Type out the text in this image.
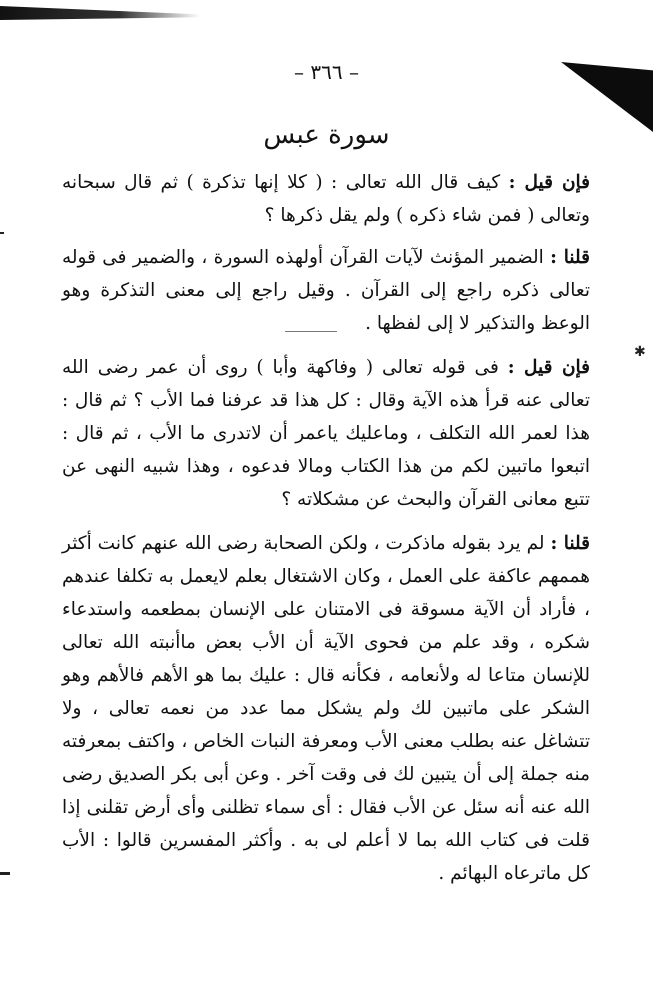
– ٣٦٦ –
سورة عبس

فإن قيل : كيف قال الله تعالى : ( كلا إنها تذكرة ) ثم قال سبحانه وتعالى ( فمن شاء ذكره ) ولم يقل ذكرها ؟

قلنا : الضمير المؤنث لآيات القرآن أولهذه السورة ، والضمير فى قوله تعالى ذكره راجع إلى القرآن . وقيل راجع إلى معنى التذكرة وهو الوعظ والتذكير لا إلى لفظها .

فإن قيل : فى قوله تعالى ( وفاكهة وأبا ) روى أن عمر رضى الله تعالى عنه قرأ هذه الآية وقال : كل هذا قد عرفنا فما الأب ؟ ثم قال : هذا لعمر الله التكلف ، وماعليك ياعمر أن لاتدرى ما الأب ، ثم قال : اتبعوا ماتبين لكم من هذا الكتاب ومالا فدعوه ، وهذا شبيه النهى عن تتبع معانى القرآن والبحث عن مشكلاته ؟

قلنا : لم يرد بقوله ماذكرت ، ولكن الصحابة رضى الله عنهم كانت أكثر هممهم عاكفة على العمل ، وكان الاشتغال بعلم لايعمل به تكلفا عندهم ، فأراد أن الآية مسوقة فى الامتنان على الإنسان بمطعمه واستدعاء شكره ، وقد علم من فحوى الآية أن الأب بعض ماأنبته الله تعالى للإنسان متاعا له ولأنعامه ، فكأنه قال : عليك بما هو الأهم فالأهم وهو الشكر على ماتبين لك ولم يشكل مما عدد من نعمه تعالى ، ولا تتشاغل عنه بطلب معنى الأب ومعرفة النبات الخاص ، واكتف بمعرفته منه جملة إلى أن يتبين لك فى وقت آخر . وعن أبى بكر الصديق رضى الله عنه أنه سئل عن الأب فقال : أى سماء تظلنى وأى أرض تقلنى إذا قلت فى كتاب الله بما لا أعلم لى به . وأكثر المفسرين قالوا : الأب كل ماترعاه البهائم .

✱
